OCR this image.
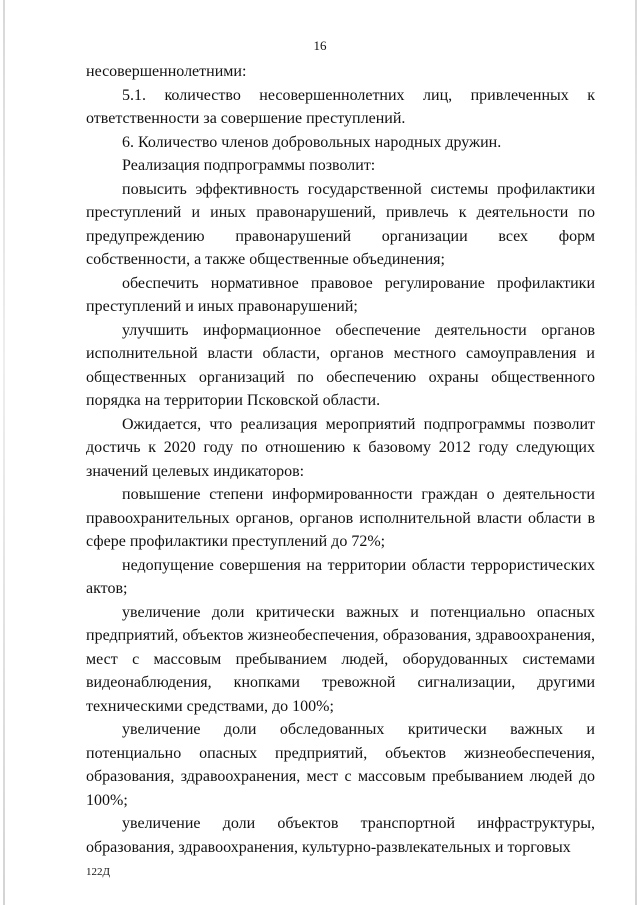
16

несовершеннолетними:

5.1. количество несовершеннолетних лиц, привлеченных к ответственности за совершение преступлений.

6. Количество членов добровольных народных дружин.

Реализация подпрограммы позволит:

повысить эффективность государственной системы профилактики преступлений и иных правонарушений, привлечь к деятельности по предупреждению правонарушений организации всех форм собственности, а также общественные объединения;

обеспечить нормативное правовое регулирование профилактики преступлений и иных правонарушений;

улучшить информационное обеспечение деятельности органов исполнительной власти области, органов местного самоуправления и общественных организаций по обеспечению охраны общественного порядка на территории Псковской области.

Ожидается, что реализация мероприятий подпрограммы позволит достичь к 2020 году по отношению к базовому 2012 году следующих значений целевых индикаторов:

повышение степени информированности граждан о деятельности правоохранительных органов, органов исполнительной власти области в сфере профилактики преступлений до 72%;

недопущение совершения на территории области террористических актов;

увеличение доли критически важных и потенциально опасных предприятий, объектов жизнеобеспечения, образования, здравоохранения, мест с массовым пребыванием людей, оборудованных системами видеонаблюдения, кнопками тревожной сигнализации, другими техническими средствами, до 100%;

увеличение доли обследованных критически важных и потенциально опасных предприятий, объектов жизнеобеспечения, образования, здравоохранения, мест с массовым пребыванием людей до 100%;

увеличение доли объектов транспортной инфраструктуры, образования, здравоохранения, культурно-развлекательных и торговых

122Д
